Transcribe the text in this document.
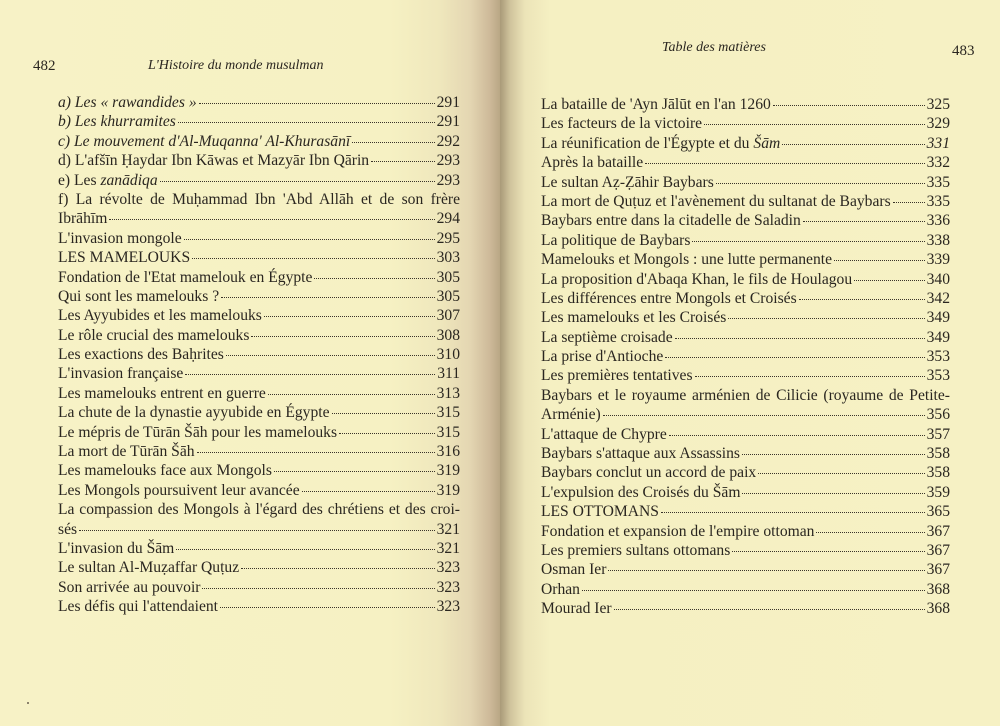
482	L'Histoire du monde musulman
a) Les « rawandides »	291
b) Les khurramites	291
c) Le mouvement d'Al-Muqanna' Al-Khurasānī	292
d) L'afšīn Ḥaydar Ibn Kāwas et Mazyār Ibn Qārin	293
e) Les zanādiqa	293
f) La révolte de Muḥammad Ibn 'Abd Allāh et de son frère
Ibrāhīm	294
L'invasion mongole	295
LES MAMELOUKS	303
Fondation de l'Etat mamelouk en Égypte	305
Qui sont les mamelouks ?	305
Les Ayyubides et les mamelouks	307
Le rôle crucial des mamelouks	308
Les exactions des Baḥrites	310
L'invasion française	311
Les mamelouks entrent en guerre	313
La chute de la dynastie ayyubide en Égypte	315
Le mépris de Tūrān Šāh pour les mamelouks	315
La mort de Tūrān Šāh	316
Les mamelouks face aux Mongols	319
Les Mongols poursuivent leur avancée	319
La compassion des Mongols à l'égard des chrétiens et des croi-
sés	321
L'invasion du Šām	321
Le sultan Al-Muẓaffar Quṭuz	323
Son arrivée au pouvoir	323
Les défis qui l'attendaient	323
Table des matières	483
La bataille de 'Ayn Jālūt en l'an 1260	325
Les facteurs de la victoire	329
La réunification de l'Égypte et du Šām	331
Après la bataille	332
Le sultan Aẓ-Ẓāhir Baybars	335
La mort de Quṭuz et l'avènement du sultanat de Baybars 335
Baybars entre dans la citadelle de Saladin	336
La politique de Baybars	338
Mamelouks et Mongols : une lutte permanente	339
La proposition d'Abaqa Khan, le fils de Houlagou	340
Les différences entre Mongols et Croisés	342
Les mamelouks et les Croisés	349
La septième croisade	349
La prise d'Antioche	353
Les premières tentatives	353
Baybars et le royaume arménien de Cilicie (royaume de Petite-
Arménie)	356
L'attaque de Chypre	357
Baybars s'attaque aux Assassins	358
Baybars conclut un accord de paix	358
L'expulsion des Croisés du Šām	359
LES OTTOMANS	365
Fondation et expansion de l'empire ottoman	367
Les premiers sultans ottomans	367
Osman Ier	367
Orhan	368
Mourad Ier	368
